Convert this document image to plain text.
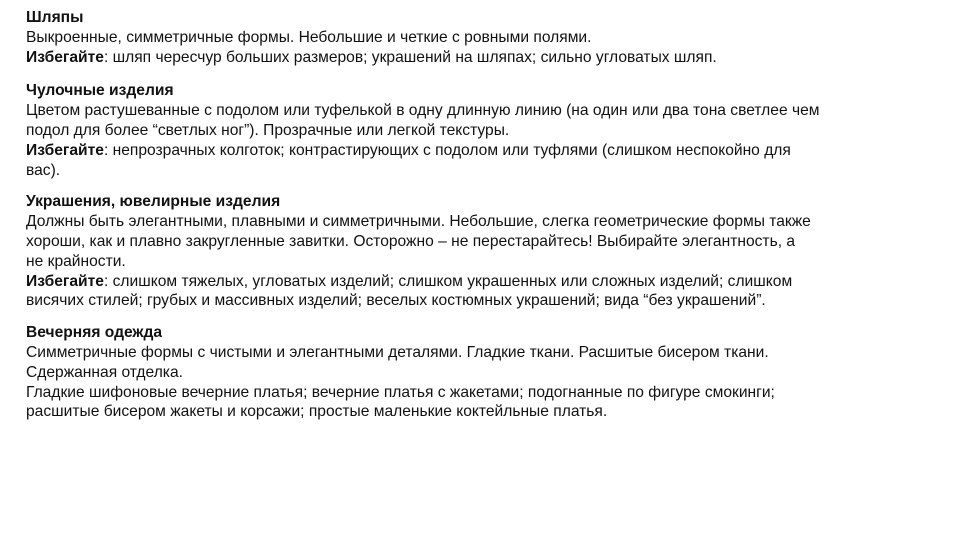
Шляпы
Выкроенные, симметричные формы. Небольшие и четкие с ровными полями.
Избегайте: шляп чересчур больших размеров; украшений на шляпах; сильно угловатых шляп.
Чулочные изделия
Цветом растушеванные с подолом или туфелькой в одну длинную линию (на один или два тона светлее чем
подол для более “светлых ног”). Прозрачные или легкой текстуры.
Избегайте: непрозрачных колготок; контрастирующих с подолом или туфлями (слишком неспокойно для
вас).
Украшения, ювелирные изделия
Должны быть элегантными, плавными и симметричными. Небольшие, слегка геометрические формы также
хороши, как и плавно закругленные завитки. Осторожно – не перестарайтесь! Выбирайте элегантность, а
не крайности.
Избегайте: слишком тяжелых, угловатых изделий; слишком украшенных или сложных изделий; слишком
висячих стилей; грубых и массивных изделий; веселых костюмных украшений; вида “без украшений”.
Вечерняя одежда
Симметричные формы с чистыми и элегантными деталями. Гладкие ткани. Расшитые бисером ткани.
Сдержанная отделка.
Гладкие шифоновые вечерние платья; вечерние платья с жакетами; подогнанные по фигуре смокинги;
расшитые бисером жакеты и корсажи; простые маленькие коктейльные платья.
